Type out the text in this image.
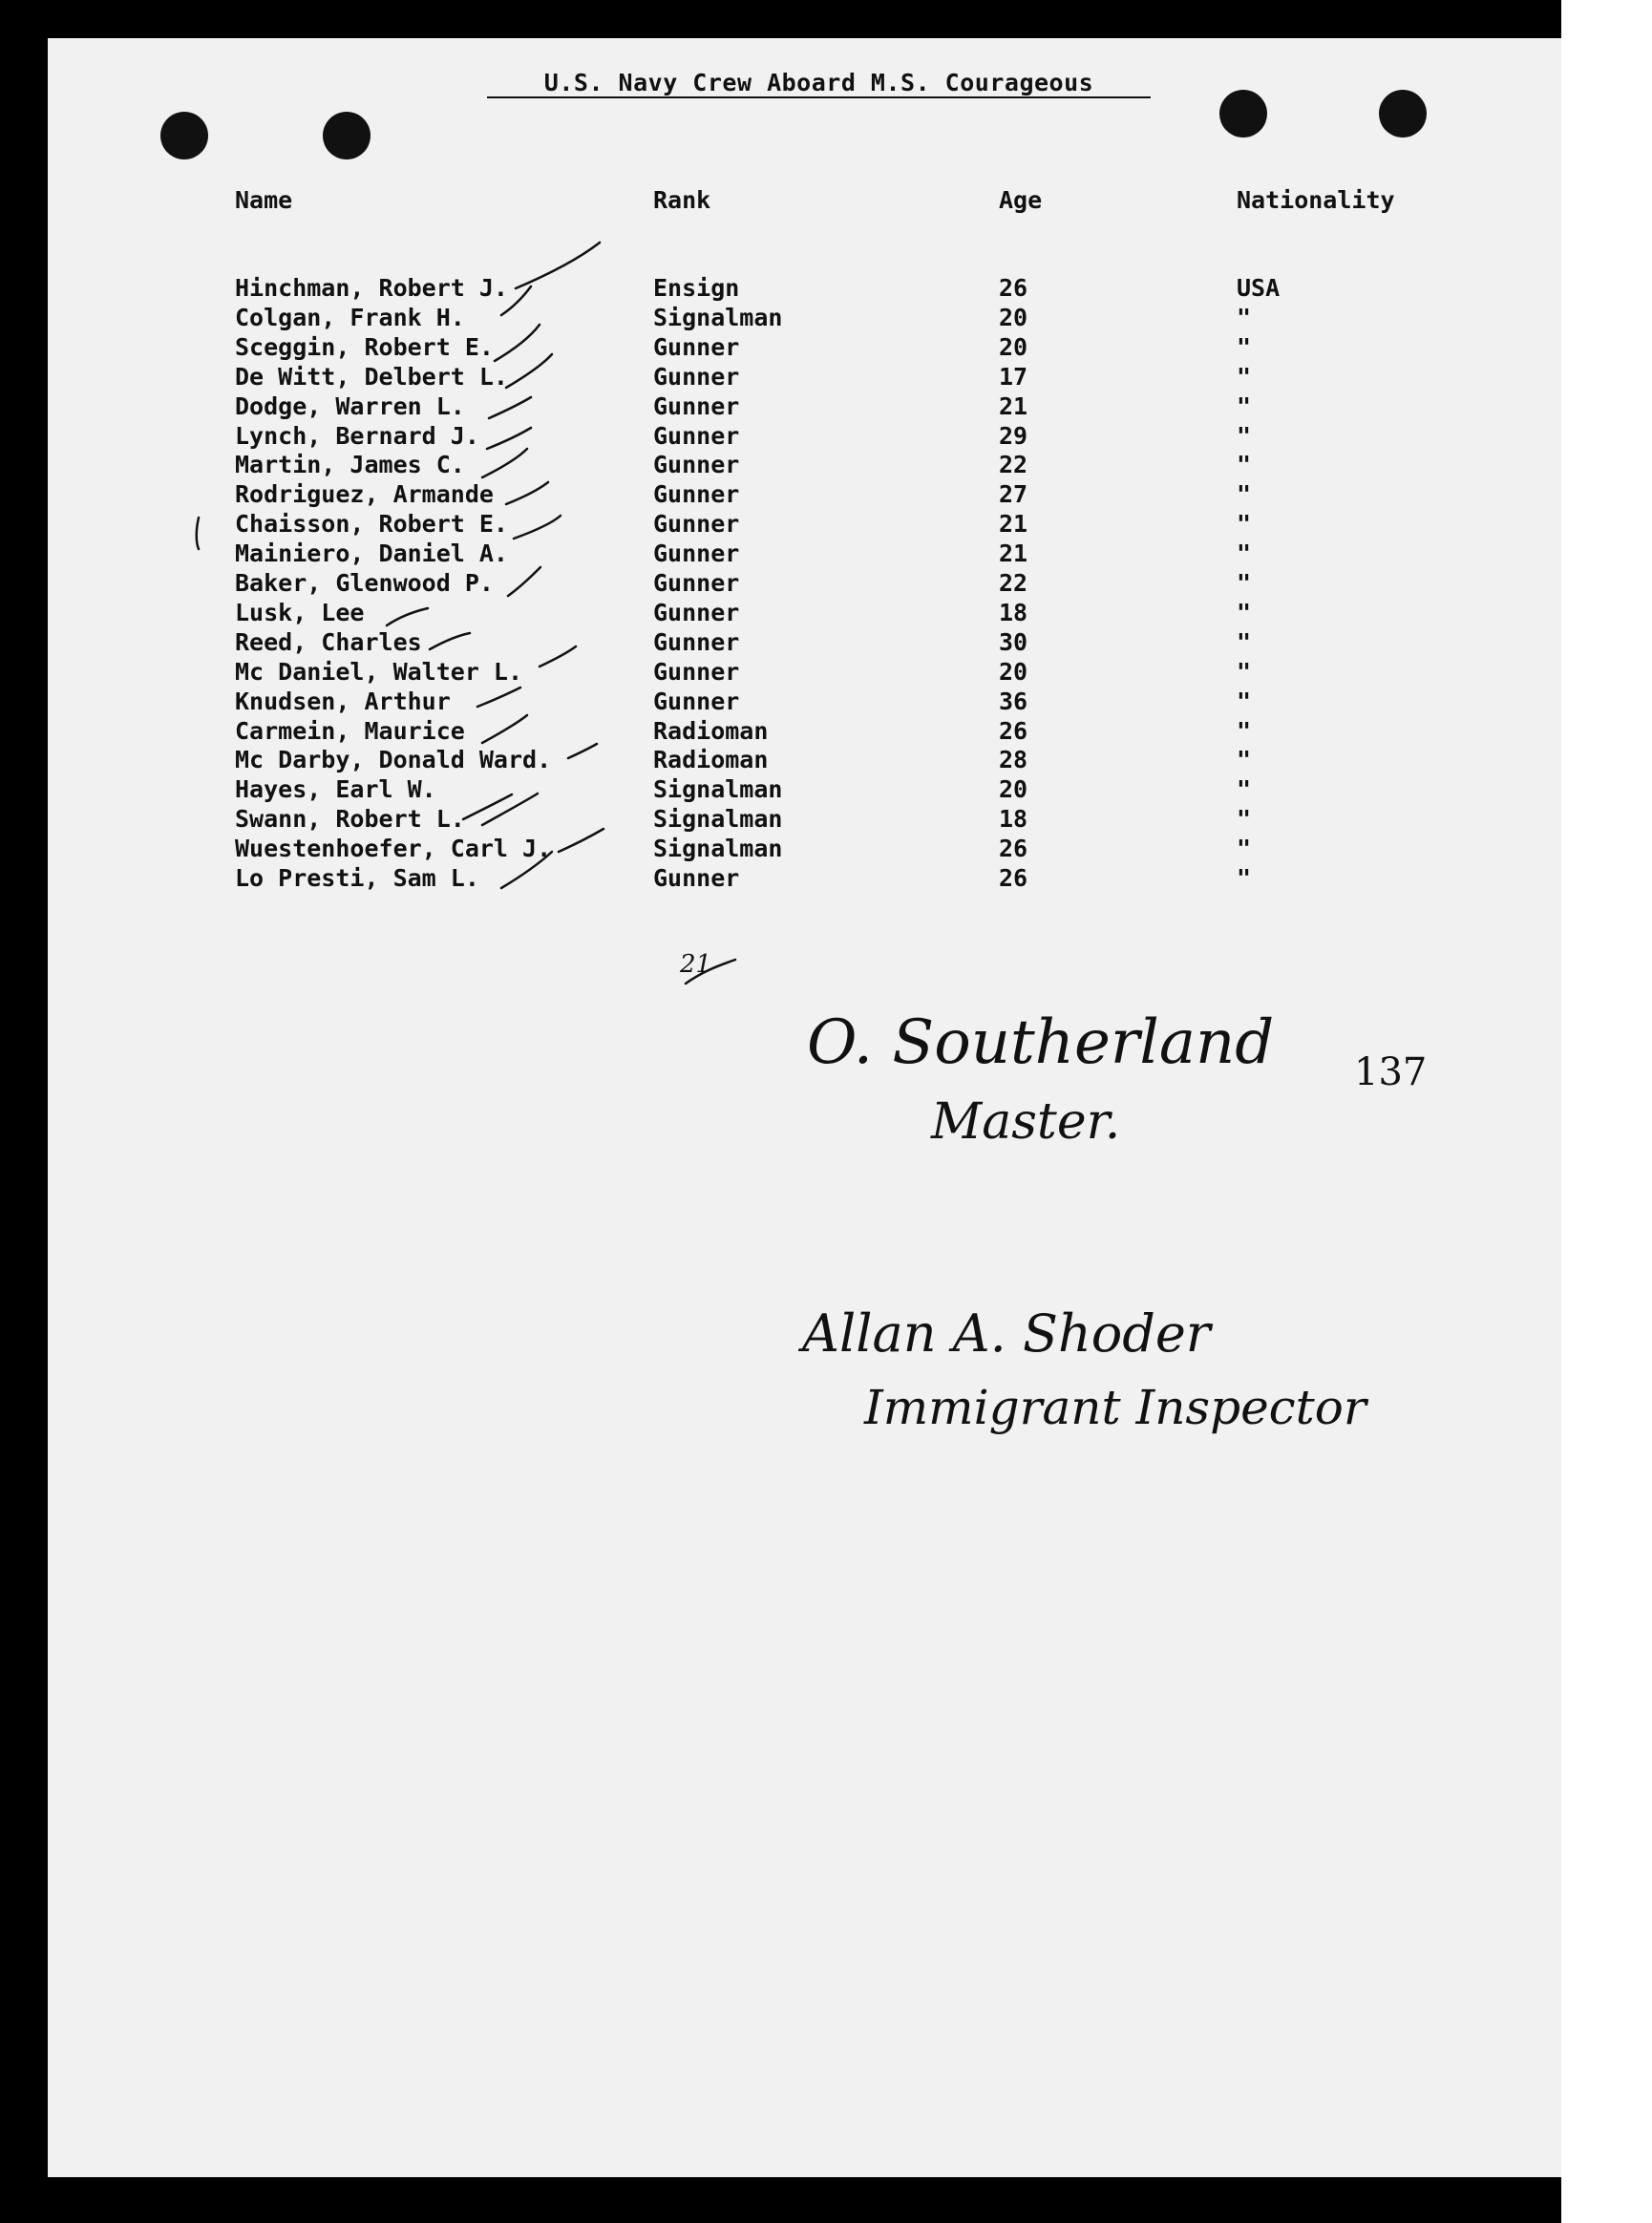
U.S. Navy Crew Aboard M.S. Courageous
Name	Rank	Age	Nationality
Hinchman, Robert J.	Ensign	26	USA
Colgan, Frank H.	Signalman	20	"
Sceggin, Robert E.	Gunner	20	"
De Witt, Delbert L.	Gunner	17	"
Dodge, Warren L.	Gunner	21	"
Lynch, Bernard J.	Gunner	29	"
Martin, James C.	Gunner	22	"
Rodriguez, Armande	Gunner	27	"
Chaisson, Robert E.	Gunner	21	"
Mainiero, Daniel A.	Gunner	21	"
Baker, Glenwood P.	Gunner	22	"
Lusk, Lee	Gunner	18	"
Reed, Charles	Gunner	30	"
Mc Daniel, Walter L.	Gunner	20	"
Knudsen, Arthur	Gunner	36	"
Carmein, Maurice	Radioman	26	"
Mc Darby, Donald Ward.	Radioman	28	"
Hayes, Earl W.	Signalman	20	"
Swann, Robert L.	Signalman	18	"
Wuestenhoefer, Carl J.	Signalman	26	"
Lo Presti, Sam L.	Gunner	26	"
21
137
O. Southerland
Master.
Allan A. Shoder
Immigrant Inspector
